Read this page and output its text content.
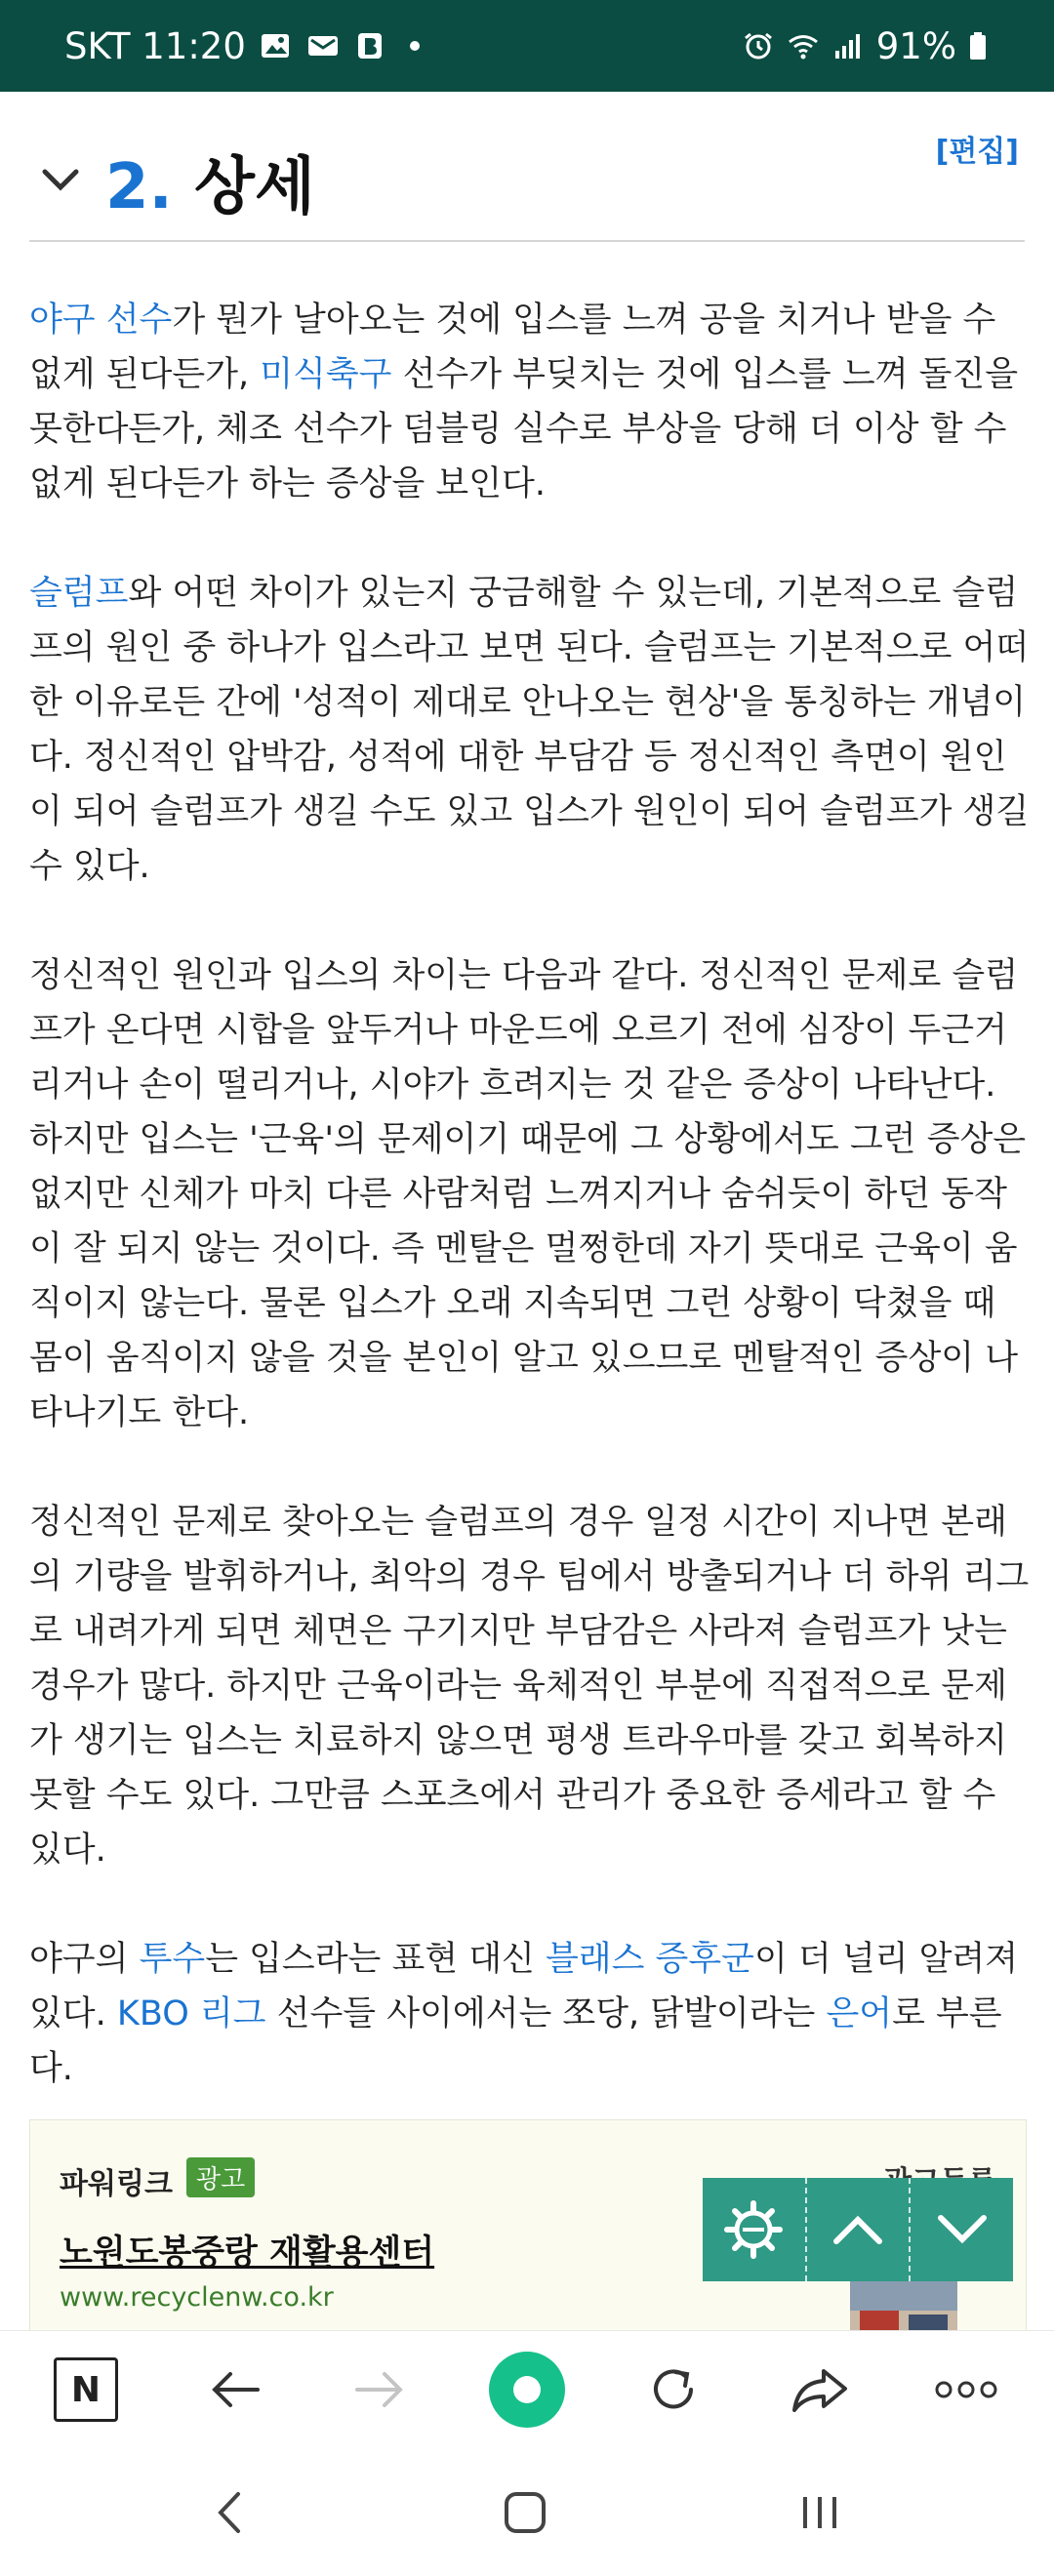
SKT 11:20	91%
2. 상세	[편집]

야구 선수가 뭔가 날아오는 것에 입스를 느껴 공을 치거나 받을 수 없게 된다든가, 미식축구 선수가 부딪치는 것에 입스를 느껴 돌진을 못한다든가, 체조 선수가 덤블링 실수로 부상을 당해 더 이상 할 수 없게 된다든가 하는 증상을 보인다.

슬럼프와 어떤 차이가 있는지 궁금해할 수 있는데, 기본적으로 슬럼프의 원인 중 하나가 입스라고 보면 된다. 슬럼프는 기본적으로 어떠한 이유로든 간에 '성적이 제대로 안나오는 현상'을 통칭하는 개념이다. 정신적인 압박감, 성적에 대한 부담감 등 정신적인 측면이 원인이 되어 슬럼프가 생길 수도 있고 입스가 원인이 되어 슬럼프가 생길 수 있다.

정신적인 원인과 입스의 차이는 다음과 같다. 정신적인 문제로 슬럼프가 온다면 시합을 앞두거나 마운드에 오르기 전에 심장이 두근거리거나 손이 떨리거나, 시야가 흐려지는 것 같은 증상이 나타난다. 하지만 입스는 '근육'의 문제이기 때문에 그 상황에서도 그런 증상은 없지만 신체가 마치 다른 사람처럼 느껴지거나 숨쉬듯이 하던 동작이 잘 되지 않는 것이다. 즉 멘탈은 멀쩡한데 자기 뜻대로 근육이 움직이지 않는다. 물론 입스가 오래 지속되면 그런 상황이 닥쳤을 때 몸이 움직이지 않을 것을 본인이 알고 있으므로 멘탈적인 증상이 나타나기도 한다.

정신적인 문제로 찾아오는 슬럼프의 경우 일정 시간이 지나면 본래의 기량을 발휘하거나, 최악의 경우 팀에서 방출되거나 더 하위 리그로 내려가게 되면 체면은 구기지만 부담감은 사라져 슬럼프가 낫는 경우가 많다. 하지만 근육이라는 육체적인 부분에 직접적으로 문제가 생기는 입스는 치료하지 않으면 평생 트라우마를 갖고 회복하지 못할 수도 있다. 그만큼 스포츠에서 관리가 중요한 증세라고 할 수 있다.

야구의 투수는 입스라는 표현 대신 블래스 증후군이 더 널리 알려져 있다. KBO 리그 선수들 사이에서는 쪼당, 닭발이라는 은어로 부른다.

파워링크 광고
노원도봉중랑 재활용센터
www.recyclenw.co.kr
N
